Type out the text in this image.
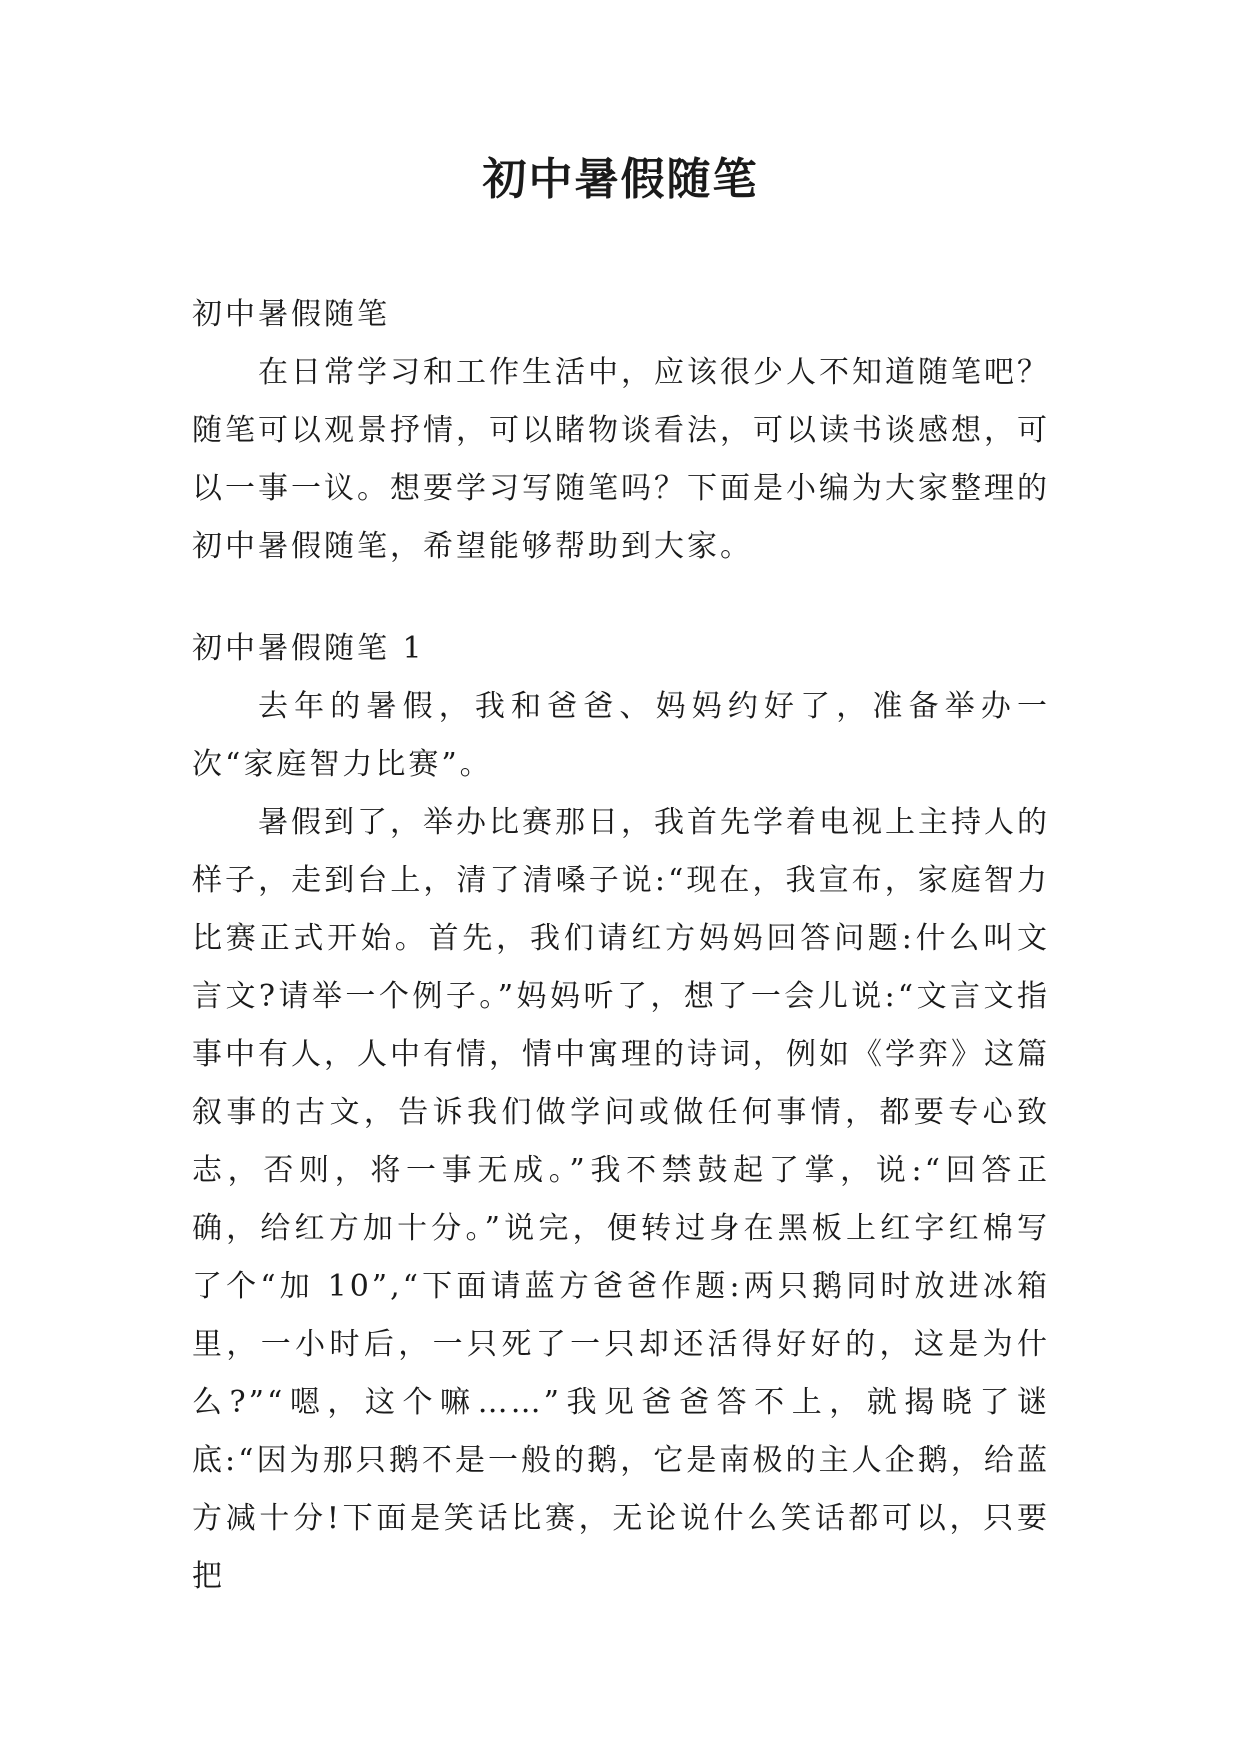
初中暑假随笔

初中暑假随笔

在日常学习和工作生活中，应该很少人不知道随笔吧？随笔可以观景抒情，可以睹物谈看法，可以读书谈感想，可以一事一议。想要学习写随笔吗？下面是小编为大家整理的初中暑假随笔，希望能够帮助到大家。

初中暑假随笔 1

去年的暑假，我和爸爸、妈妈约好了，准备举办一次“家庭智力比赛”。

暑假到了，举办比赛那日，我首先学着电视上主持人的样子，走到台上，清了清嗓子说:“现在，我宣布，家庭智力比赛正式开始。首先，我们请红方妈妈回答问题:什么叫文言文?请举一个例子。”妈妈听了，想了一会儿说:“文言文指事中有人，人中有情，情中寓理的诗词，例如《学弈》这篇叙事的古文，告诉我们做学问或做任何事情，都要专心致志，否则，将一事无成。”我不禁鼓起了掌，说:“回答正确，给红方加十分。”说完，便转过身在黑板上红字红棉写了个“加 10”,“下面请蓝方爸爸作题:两只鹅同时放进冰箱里，一小时后，一只死了一只却还活得好好的，这是为什么?”“嗯，这个嘛……”我见爸爸答不上，就揭晓了谜底:“因为那只鹅不是一般的鹅，它是南极的主人企鹅，给蓝方减十分!下面是笑话比赛，无论说什么笑话都可以，只要把
